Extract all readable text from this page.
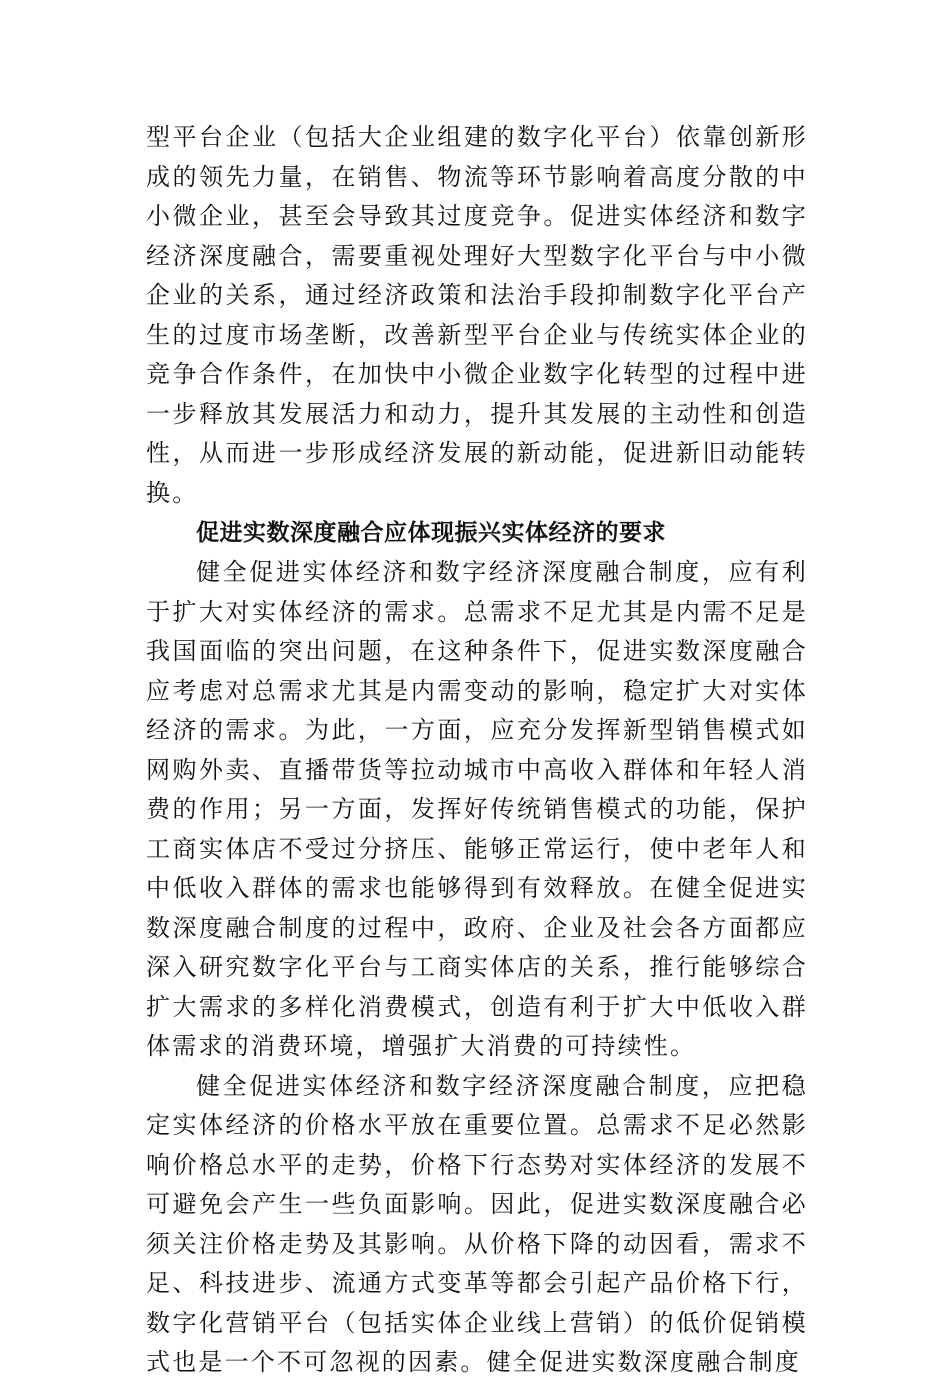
型平台企业（包括大企业组建的数字化平台）依靠创新形成的领先力量，在销售、物流等环节影响着高度分散的中小微企业，甚至会导致其过度竞争。促进实体经济和数字经济深度融合，需要重视处理好大型数字化平台与中小微企业的关系，通过经济政策和法治手段抑制数字化平台产生的过度市场垄断，改善新型平台企业与传统实体企业的竞争合作条件，在加快中小微企业数字化转型的过程中进一步释放其发展活力和动力，提升其发展的主动性和创造性，从而进一步形成经济发展的新动能，促进新旧动能转换。

促进实数深度融合应体现振兴实体经济的要求

健全促进实体经济和数字经济深度融合制度，应有利于扩大对实体经济的需求。总需求不足尤其是内需不足是我国面临的突出问题，在这种条件下，促进实数深度融合应考虑对总需求尤其是内需变动的影响，稳定扩大对实体经济的需求。为此，一方面，应充分发挥新型销售模式如网购外卖、直播带货等拉动城市中高收入群体和年轻人消费的作用；另一方面，发挥好传统销售模式的功能，保护工商实体店不受过分挤压、能够正常运行，使中老年人和中低收入群体的需求也能够得到有效释放。在健全促进实数深度融合制度的过程中，政府、企业及社会各方面都应深入研究数字化平台与工商实体店的关系，推行能够综合扩大需求的多样化消费模式，创造有利于扩大中低收入群体需求的消费环境，增强扩大消费的可持续性。

健全促进实体经济和数字经济深度融合制度，应把稳定实体经济的价格水平放在重要位置。总需求不足必然影响价格总水平的走势，价格下行态势对实体经济的发展不可避免会产生一些负面影响。因此，促进实数深度融合必须关注价格走势及其影响。从价格下降的动因看，需求不足、科技进步、流通方式变革等都会引起产品价格下行，数字化营销平台（包括实体企业线上营销）的低价促销模式也是一个不可忽视的因素。健全促进实数深度融合制度
